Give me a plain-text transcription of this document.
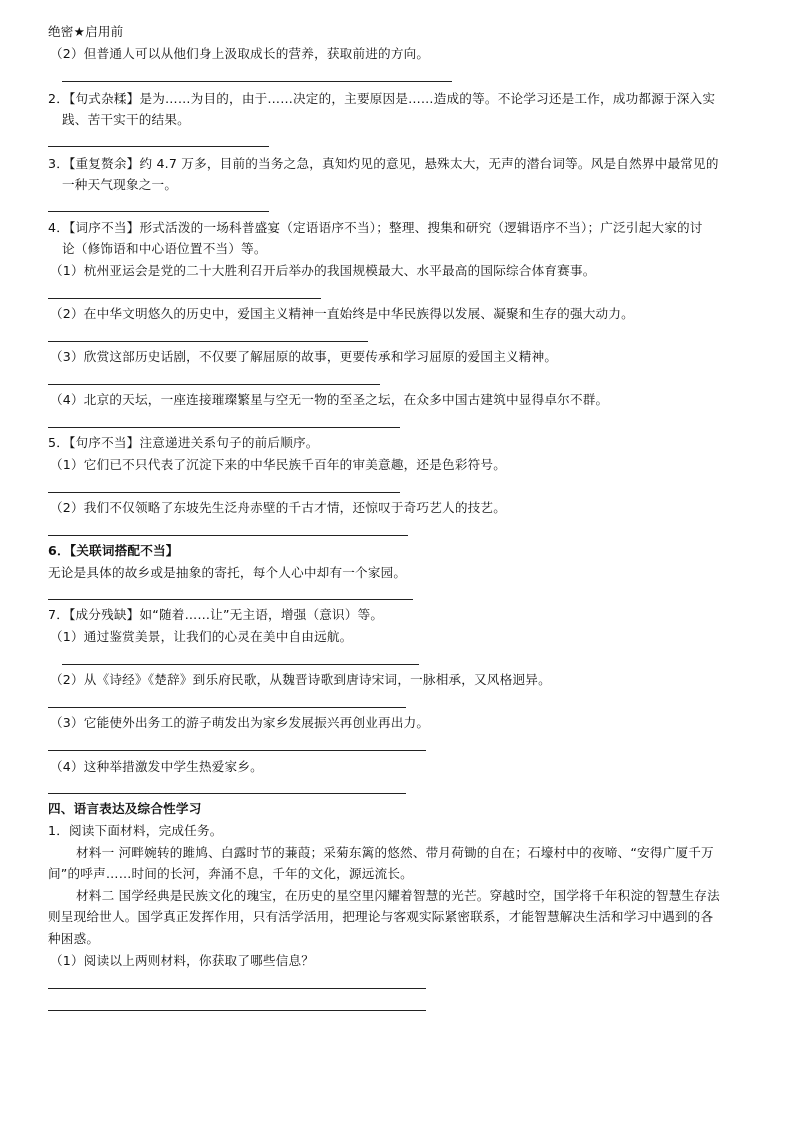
绝密★启用前
（2）但普通人可以从他们身上汲取成长的营养，获取前进的方向。
2．【句式杂糅】是为……为目的，由于……决定的，主要原因是……造成的等。不论学习还是工作，成功都源于深入实
践、苦干实干的结果。
3．【重复赘余】约 4.7 万多，目前的当务之急，真知灼见的意见，悬殊太大，无声的潜台词等。风是自然界中最常见的
一种天气现象之一。
4．【词序不当】形式活泼的一场科普盛宴（定语语序不当）；整理、搜集和研究（逻辑语序不当）；广泛引起大家的讨
论（修饰语和中心语位置不当）等。
（1）杭州亚运会是党的二十大胜利召开后举办的我国规模最大、水平最高的国际综合体育赛事。
（2）在中华文明悠久的历史中，爱国主义精神一直始终是中华民族得以发展、凝聚和生存的强大动力。
（3）欣赏这部历史话剧，不仅要了解屈原的故事，更要传承和学习屈原的爱国主义精神。
（4）北京的天坛，一座连接璀璨繁星与空无一物的至圣之坛，在众多中国古建筑中显得卓尔不群。
5．【句序不当】注意递进关系句子的前后顺序。
（1）它们已不只代表了沉淀下来的中华民族千百年的审美意趣，还是色彩符号。
（2）我们不仅领略了东坡先生泛舟赤壁的千古才情，还惊叹于奇巧艺人的技艺。
6．【关联词搭配不当】
无论是具体的故乡或是抽象的寄托，每个人心中却有一个家园。
7．【成分残缺】如“随着……让”无主语，增强（意识）等。
（1）通过鉴赏美景，让我们的心灵在美中自由远航。
（2）从《诗经》《楚辞》到乐府民歌，从魏晋诗歌到唐诗宋词，一脉相承，又风格迥异。
（3）它能使外出务工的游子萌发出为家乡发展振兴再创业再出力。
（4）这种举措激发中学生热爱家乡。
四、语言表达及综合性学习
1．阅读下面材料，完成任务。
材料一 河畔婉转的雎鸠、白露时节的蒹葭；采菊东篱的悠然、带月荷锄的自在；石壕村中的夜啼、“安得广厦千万
间”的呼声……时间的长河，奔涌不息，千年的文化，源远流长。
材料二 国学经典是民族文化的瑰宝，在历史的星空里闪耀着智慧的光芒。穿越时空，国学将千年积淀的智慧生存法
则呈现给世人。国学真正发挥作用，只有活学活用，把理论与客观实际紧密联系，才能智慧解决生活和学习中遇到的各
种困惑。
（1）阅读以上两则材料，你获取了哪些信息？
